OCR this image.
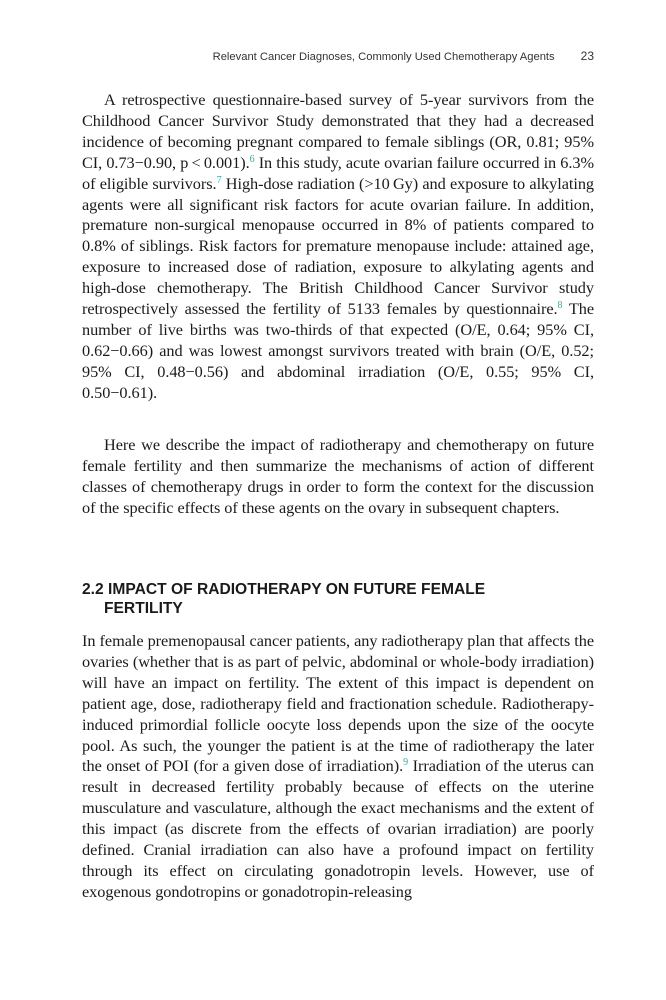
Relevant Cancer Diagnoses, Commonly Used Chemotherapy Agents 23

A retrospective questionnaire-based survey of 5-year survivors from the Childhood Cancer Survivor Study demonstrated that they had a decreased incidence of becoming pregnant compared to female siblings (OR, 0.81; 95% CI, 0.73−0.90, p < 0.001).$^6$ In this study, acute ovarian failure occurred in 6.3% of eligible survivors.$^7$ High-dose radiation (>10 Gy) and exposure to alkylating agents were all significant risk factors for acute ovarian failure. In addition, premature non-surgical menopause occurred in 8% of patients compared to 0.8% of siblings. Risk factors for premature menopause include: attained age, exposure to increased dose of radiation, exposure to alkylating agents and high-dose chemotherapy. The British Childhood Cancer Survivor study retrospectively assessed the fertility of 5133 females by questionnaire.$^8$ The number of live births was two-thirds of that expected (O/E, 0.64; 95% CI, 0.62−0.66) and was lowest amongst survivors treated with brain (O/E, 0.52; 95% CI, 0.48−0.56) and abdominal irradiation (O/E, 0.55; 95% CI, 0.50−0.61).

Here we describe the impact of radiotherapy and chemotherapy on future female fertility and then summarize the mechanisms of action of different classes of chemotherapy drugs in order to form the context for the discussion of the specific effects of these agents on the ovary in subsequent chapters.

2.2 IMPACT OF RADIOTHERAPY ON FUTURE FEMALE
FERTILITY

In female premenopausal cancer patients, any radiotherapy plan that affects the ovaries (whether that is as part of pelvic, abdominal or whole-body irradiation) will have an impact on fertility. The extent of this impact is dependent on patient age, dose, radiotherapy field and fractionation schedule. Radiotherapy-induced primordial follicle oocyte loss depends upon the size of the oocyte pool. As such, the younger the patient is at the time of radiotherapy the later the onset of POI (for a given dose of irradiation).$^9$ Irradiation of the uterus can result in decreased fertility probably because of effects on the uterine musculature and vasculature, although the exact mechanisms and the extent of this impact (as discrete from the effects of ovarian irradiation) are poorly defined. Cranial irradiation can also have a profound impact on fertility through its effect on circulating gonadotropin levels. However, use of exogenous gondotropins or gonadotropin-releasing
